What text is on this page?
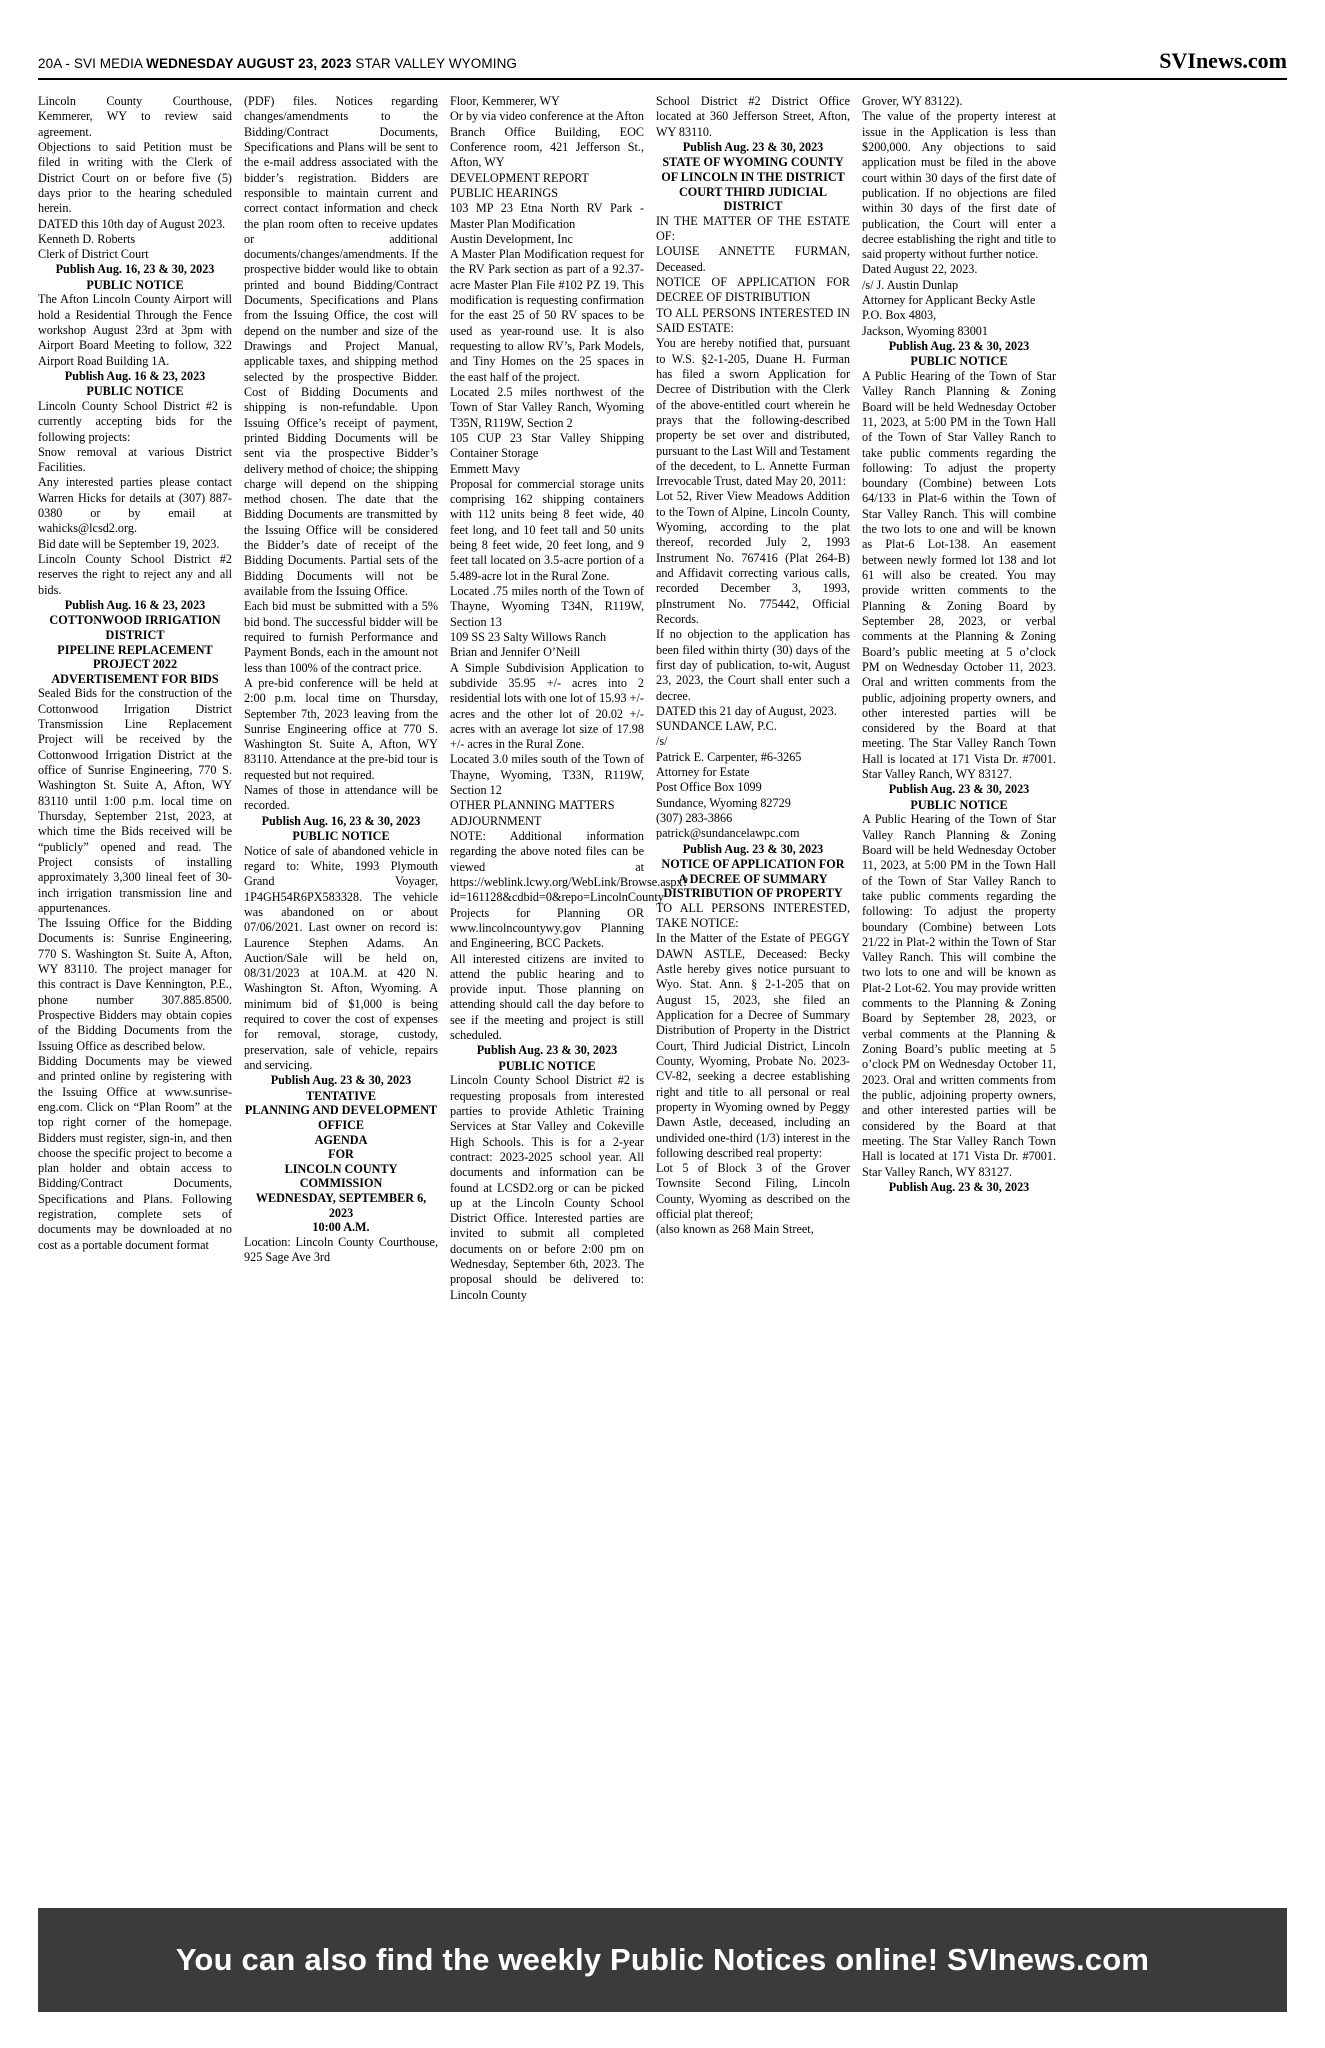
20A - SVI MEDIA WEDNESDAY AUGUST 23, 2023 STAR VALLEY WYOMING	SVInews.com

Lincoln County Courthouse, Kemmerer, WY to review said agreement.

Objections to said Petition must be filed in writing with the Clerk of District Court on or before five (5) days prior to the hearing scheduled herein.

DATED this 10th day of August 2023.

Kenneth D. Roberts

Clerk of District Court

Publish Aug. 16, 23 & 30, 2023

PUBLIC NOTICE

The Afton Lincoln County Airport will hold a Residential Through the Fence workshop August 23rd at 3pm with Airport Board Meeting to follow, 322 Airport Road Building 1A.

Publish Aug. 16 & 23, 2023

PUBLIC NOTICE

Lincoln County School District #2 is currently accepting bids for the following projects:

Snow removal at various District Facilities.

Any interested parties please contact Warren Hicks for details at (307) 887-0380 or by email at wahicks@lcsd2.org.

Bid date will be September 19, 2023.

Lincoln County School District #2 reserves the right to reject any and all bids.

Publish Aug. 16 & 23, 2023

COTTONWOOD IRRIGATION DISTRICT

PIPELINE REPLACEMENT PROJECT 2022

ADVERTISEMENT FOR BIDS

Sealed Bids for the construction of the Cottonwood Irrigation District Transmission Line Replacement Project will be received by the Cottonwood Irrigation District at the office of Sunrise Engineering, 770 S. Washington St. Suite A, Afton, WY 83110 until 1:00 p.m. local time on Thursday, September 21st, 2023, at which time the Bids received will be “publicly” opened and read. The Project consists of installing approximately 3,300 lineal feet of 30-inch irrigation transmission line and appurtenances.

The Issuing Office for the Bidding Documents is: Sunrise Engineering, 770 S. Washington St. Suite A, Afton, WY 83110. The project manager for this contract is Dave Kennington, P.E., phone number 307.885.8500. Prospective Bidders may obtain copies of the Bidding Documents from the Issuing Office as described below.

Bidding Documents may be viewed and printed online by registering with the Issuing Office at www.sunrise-eng.com. Click on “Plan Room” at the top right corner of the homepage. Bidders must register, sign-in, and then choose the specific project to become a plan holder and obtain access to Bidding/Contract Documents, Specifications and Plans. Following registration, complete sets of documents may be downloaded at no cost as a portable document format

(PDF) files. Notices regarding changes/amendments to the Bidding/Contract Documents, Specifications and Plans will be sent to the e-mail address associated with the bidder’s registration. Bidders are responsible to maintain current and correct contact information and check the plan room often to receive updates or additional documents/changes/amendments. If the prospective bidder would like to obtain printed and bound Bidding/Contract Documents, Specifications and Plans from the Issuing Office, the cost will depend on the number and size of the Drawings and Project Manual, applicable taxes, and shipping method selected by the prospective Bidder. Cost of Bidding Documents and shipping is non-refundable. Upon Issuing Office’s receipt of payment, printed Bidding Documents will be sent via the prospective Bidder’s delivery method of choice; the shipping charge will depend on the shipping method chosen. The date that the Bidding Documents are transmitted by the Issuing Office will be considered the Bidder’s date of receipt of the Bidding Documents. Partial sets of the Bidding Documents will not be available from the Issuing Office.

Each bid must be submitted with a 5% bid bond. The successful bidder will be required to furnish Performance and Payment Bonds, each in the amount not less than 100% of the contract price.

A pre-bid conference will be held at 2:00 p.m. local time on Thursday, September 7th, 2023 leaving from the Sunrise Engineering office at 770 S. Washington St. Suite A, Afton, WY 83110. Attendance at the pre-bid tour is requested but not required.

Names of those in attendance will be recorded.

Publish Aug. 16, 23 & 30, 2023

PUBLIC NOTICE

Notice of sale of abandoned vehicle in regard to: White, 1993 Plymouth Grand Voyager, 1P4GH54R6PX583328. The vehicle was abandoned on or about 07/06/2021. Last owner on record is: Laurence Stephen Adams. An Auction/Sale will be held on, 08/31/2023 at 10A.M. at 420 N. Washington St. Afton, Wyoming. A minimum bid of $1,000 is being required to cover the cost of expenses for removal, storage, custody, preservation, sale of vehicle, repairs and servicing.

Publish Aug. 23 & 30, 2023

TENTATIVE

PLANNING AND DEVELOPMENT OFFICE

AGENDA

FOR

LINCOLN COUNTY COMMISSION

WEDNESDAY, SEPTEMBER 6, 2023

10:00 A.M.

Location: Lincoln County Courthouse, 925 Sage Ave 3rd

Floor, Kemmerer, WY

Or by via video conference at the Afton Branch Office Building, EOC Conference room, 421 Jefferson St., Afton, WY

DEVELOPMENT REPORT

PUBLIC HEARINGS

103 MP 23 Etna North RV Park - Master Plan Modification

Austin Development, Inc

A Master Plan Modification request for the RV Park section as part of a 92.37-acre Master Plan File #102 PZ 19. This modification is requesting confirmation for the east 25 of 50 RV spaces to be used as year-round use. It is also requesting to allow RV’s, Park Models, and Tiny Homes on the 25 spaces in the east half of the project.

Located 2.5 miles northwest of the Town of Star Valley Ranch, Wyoming T35N, R119W, Section 2

105 CUP 23 Star Valley Shipping Container Storage

Emmett Mavy

Proposal for commercial storage units comprising 162 shipping containers with 112 units being 8 feet wide, 40 feet long, and 10 feet tall and 50 units being 8 feet wide, 20 feet long, and 9 feet tall located on 3.5-acre portion of a 5.489-acre lot in the Rural Zone.

Located .75 miles north of the Town of Thayne, Wyoming T34N, R119W, Section 13

109 SS 23 Salty Willows Ranch

Brian and Jennifer O’Neill

A Simple Subdivision Application to subdivide 35.95 +/- acres into 2 residential lots with one lot of 15.93 +/- acres and the other lot of 20.02 +/- acres with an average lot size of 17.98 +/- acres in the Rural Zone.

Located 3.0 miles south of the Town of Thayne, Wyoming, T33N, R119W, Section 12

OTHER PLANNING MATTERS

ADJOURNMENT

NOTE: Additional information regarding the above noted files can be viewed at https://weblink.lcwy.org/WebLink/Browse.aspx?id=161128&cdbid=0&repo=LincolnCounty Projects for Planning OR www.lincolncountywy.gov Planning and Engineering, BCC Packets.

All interested citizens are invited to attend the public hearing and to provide input. Those planning on attending should call the day before to see if the meeting and project is still scheduled.

Publish Aug. 23 & 30, 2023

PUBLIC NOTICE

Lincoln County School District #2 is requesting proposals from interested parties to provide Athletic Training Services at Star Valley and Cokeville High Schools. This is for a 2-year contract: 2023-2025 school year. All documents and information can be found at LCSD2.org or can be picked up at the Lincoln County School District Office. Interested parties are invited to submit all completed documents on or before 2:00 pm on Wednesday, September 6th, 2023. The proposal should be delivered to: Lincoln County

School District #2 District Office located at 360 Jefferson Street, Afton, WY 83110.

Publish Aug. 23 & 30, 2023

STATE OF WYOMING COUNTY OF LINCOLN IN THE DISTRICT COURT THIRD JUDICIAL DISTRICT

IN THE MATTER OF THE ESTATE OF:

LOUISE ANNETTE FURMAN, Deceased.

NOTICE OF APPLICATION FOR DECREE OF DISTRIBUTION

TO ALL PERSONS INTERESTED IN SAID ESTATE:

You are hereby notified that, pursuant to W.S. §2-1-205, Duane H. Furman has filed a sworn Application for Decree of Distribution with the Clerk of the above-entitled court wherein he prays that the following-described property be set over and distributed, pursuant to the Last Will and Testament of the decedent, to L. Annette Furman Irrevocable Trust, dated May 20, 2011:

Lot 52, River View Meadows Addition to the Town of Alpine, Lincoln County, Wyoming, according to the plat thereof, recorded July 2, 1993 Instrument No. 767416 (Plat 264-B) and Affidavit correcting various calls, recorded December 3, 1993, pInstrument No. 775442, Official Records.

If no objection to the application has been filed within thirty (30) days of the first day of publication, to-wit, August 23, 2023, the Court shall enter such a decree.

DATED this 21 day of August, 2023.

SUNDANCE LAW, P.C.

/s/

Patrick E. Carpenter, #6-3265

Attorney for Estate

Post Office Box 1099

Sundance, Wyoming 82729

(307) 283-3866

patrick@sundancelawpc.com

Publish Aug. 23 & 30, 2023

NOTICE OF APPLICATION FOR A DECREE OF SUMMARY DISTRIBUTION OF PROPERTY

TO ALL PERSONS INTERESTED, TAKE NOTICE:

In the Matter of the Estate of PEGGY DAWN ASTLE, Deceased: Becky Astle hereby gives notice pursuant to Wyo. Stat. Ann. § 2-1-205 that on August 15, 2023, she filed an Application for a Decree of Summary Distribution of Property in the District Court, Third Judicial District, Lincoln County, Wyoming, Probate No. 2023-CV-82, seeking a decree establishing right and title to all personal or real property in Wyoming owned by Peggy Dawn Astle, deceased, including an undivided one-third (1/3) interest in the following described real property:

Lot 5 of Block 3 of the Grover Townsite Second Filing, Lincoln County, Wyoming as described on the official plat thereof;

(also known as 268 Main Street,

Grover, WY 83122).

The value of the property interest at issue in the Application is less than $200,000. Any objections to said application must be filed in the above court within 30 days of the first date of publication. If no objections are filed within 30 days of the first date of publication, the Court will enter a decree establishing the right and title to said property without further notice.

Dated August 22, 2023.

/s/ J. Austin Dunlap

Attorney for Applicant Becky Astle

P.O. Box 4803,

Jackson, Wyoming 83001

Publish Aug. 23 & 30, 2023

PUBLIC NOTICE

A Public Hearing of the Town of Star Valley Ranch Planning & Zoning Board will be held Wednesday October 11, 2023, at 5:00 PM in the Town Hall of the Town of Star Valley Ranch to take public comments regarding the following: To adjust the property boundary (Combine) between Lots 64/133 in Plat-6 within the Town of Star Valley Ranch. This will combine the two lots to one and will be known as Plat-6 Lot-138. An easement between newly formed lot 138 and lot 61 will also be created. You may provide written comments to the Planning & Zoning Board by September 28, 2023, or verbal comments at the Planning & Zoning Board’s public meeting at 5 o’clock PM on Wednesday October 11, 2023. Oral and written comments from the public, adjoining property owners, and other interested parties will be considered by the Board at that meeting. The Star Valley Ranch Town Hall is located at 171 Vista Dr. #7001. Star Valley Ranch, WY 83127.

Publish Aug. 23 & 30, 2023

PUBLIC NOTICE

A Public Hearing of the Town of Star Valley Ranch Planning & Zoning Board will be held Wednesday October 11, 2023, at 5:00 PM in the Town Hall of the Town of Star Valley Ranch to take public comments regarding the following: To adjust the property boundary (Combine) between Lots 21/22 in Plat-2 within the Town of Star Valley Ranch. This will combine the two lots to one and will be known as Plat-2 Lot-62. You may provide written comments to the Planning & Zoning Board by September 28, 2023, or verbal comments at the Planning & Zoning Board’s public meeting at 5 o’clock PM on Wednesday October 11, 2023. Oral and written comments from the public, adjoining property owners, and other interested parties will be considered by the Board at that meeting. The Star Valley Ranch Town Hall is located at 171 Vista Dr. #7001. Star Valley Ranch, WY 83127.

Publish Aug. 23 & 30, 2023

You can also find the weekly Public Notices online! SVInews.com
